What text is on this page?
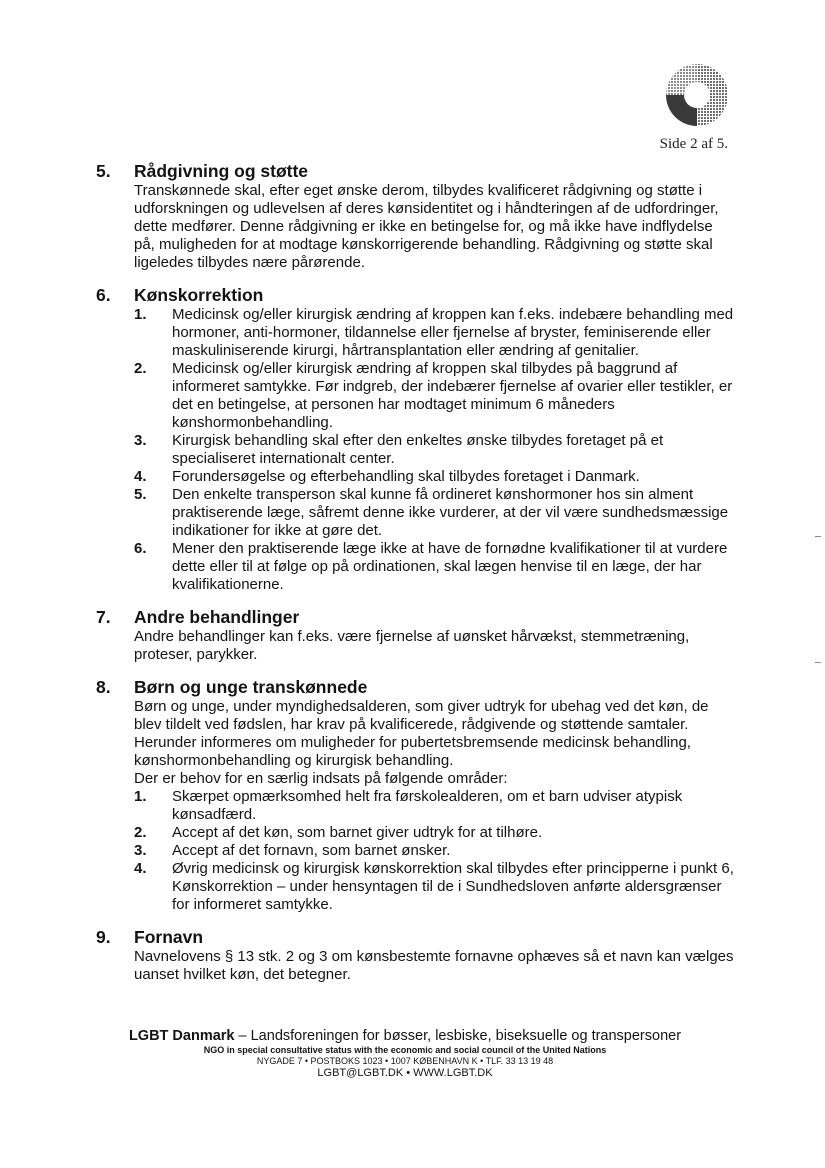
Side 2 af 5.
5.	Rådgivning og støtte

Transkønnede skal, efter eget ønske derom, tilbydes kvalificeret rådgivning og støtte i udforskningen og udlevelsen af deres kønsidentitet og i håndteringen af de udfordringer, dette medfører. Denne rådgivning er ikke en betingelse for, og må ikke have indflydelse på, muligheden for at modtage kønskorrigerende behandling. Rådgivning og støtte skal ligeledes tilbydes nære pårørende.

6.	Kønskorrektion
1.	Medicinsk og/eller kirurgisk ændring af kroppen kan f.eks. indebære behandling med hormoner, anti-hormoner, tildannelse eller fjernelse af bryster, feminiserende eller maskuliniserende kirurgi, hårtransplantation eller ændring af genitalier.
2.	Medicinsk og/eller kirurgisk ændring af kroppen skal tilbydes på baggrund af informeret samtykke. Før indgreb, der indebærer fjernelse af ovarier eller testikler, er det en betingelse, at personen har modtaget minimum 6 måneders kønshormonbehandling.
3.	Kirurgisk behandling skal efter den enkeltes ønske tilbydes foretaget på et specialiseret internationalt center.
4.	Forundersøgelse og efterbehandling skal tilbydes foretaget i Danmark.
5.	Den enkelte transperson skal kunne få ordineret kønshormoner hos sin alment praktiserende læge, såfremt denne ikke vurderer, at der vil være sundhedsmæssige indikationer for ikke at gøre det.
6.	Mener den praktiserende læge ikke at have de fornødne kvalifikationer til at vurdere dette eller til at følge op på ordinationen, skal lægen henvise til en læge, der har kvalifikationerne.
7.	Andre behandlinger

Andre behandlinger kan f.eks. være fjernelse af uønsket hårvækst, stemmetræning, proteser, parykker.

8.	Børn og unge transkønnede

Børn og unge, under myndighedsalderen, som giver udtryk for ubehag ved det køn, de blev tildelt ved fødslen, har krav på kvalificerede, rådgivende og støttende samtaler. Herunder informeres om muligheder for pubertetsbremsende medicinsk behandling, kønshormonbehandling og kirurgisk behandling.

Der er behov for en særlig indsats på følgende områder:

1.	Skærpet opmærksomhed helt fra førskolealderen, om et barn udviser atypisk kønsadfærd.
2.	Accept af det køn, som barnet giver udtryk for at tilhøre.
3.	Accept af det fornavn, som barnet ønsker.
4.	Øvrig medicinsk og kirurgisk kønskorrektion skal tilbydes efter principperne i punkt 6, Kønskorrektion – under hensyntagen til de i Sundhedsloven anførte aldersgrænser for informeret samtykke.
9.	Fornavn

Navnelovens § 13 stk. 2 og 3 om kønsbestemte fornavne ophæves så et navn kan vælges uanset hvilket køn, det betegner.

LGBT Danmark – Landsforeningen for bøsser, lesbiske, biseksuelle og transpersoner
NGO in special consultative status with the economic and social council of the United Nations
NYGADE 7 • POSTBOKS 1023 • 1007 KØBENHAVN K • TLF. 33 13 19 48
LGBT@LGBT.DK • WWW.LGBT.DK
